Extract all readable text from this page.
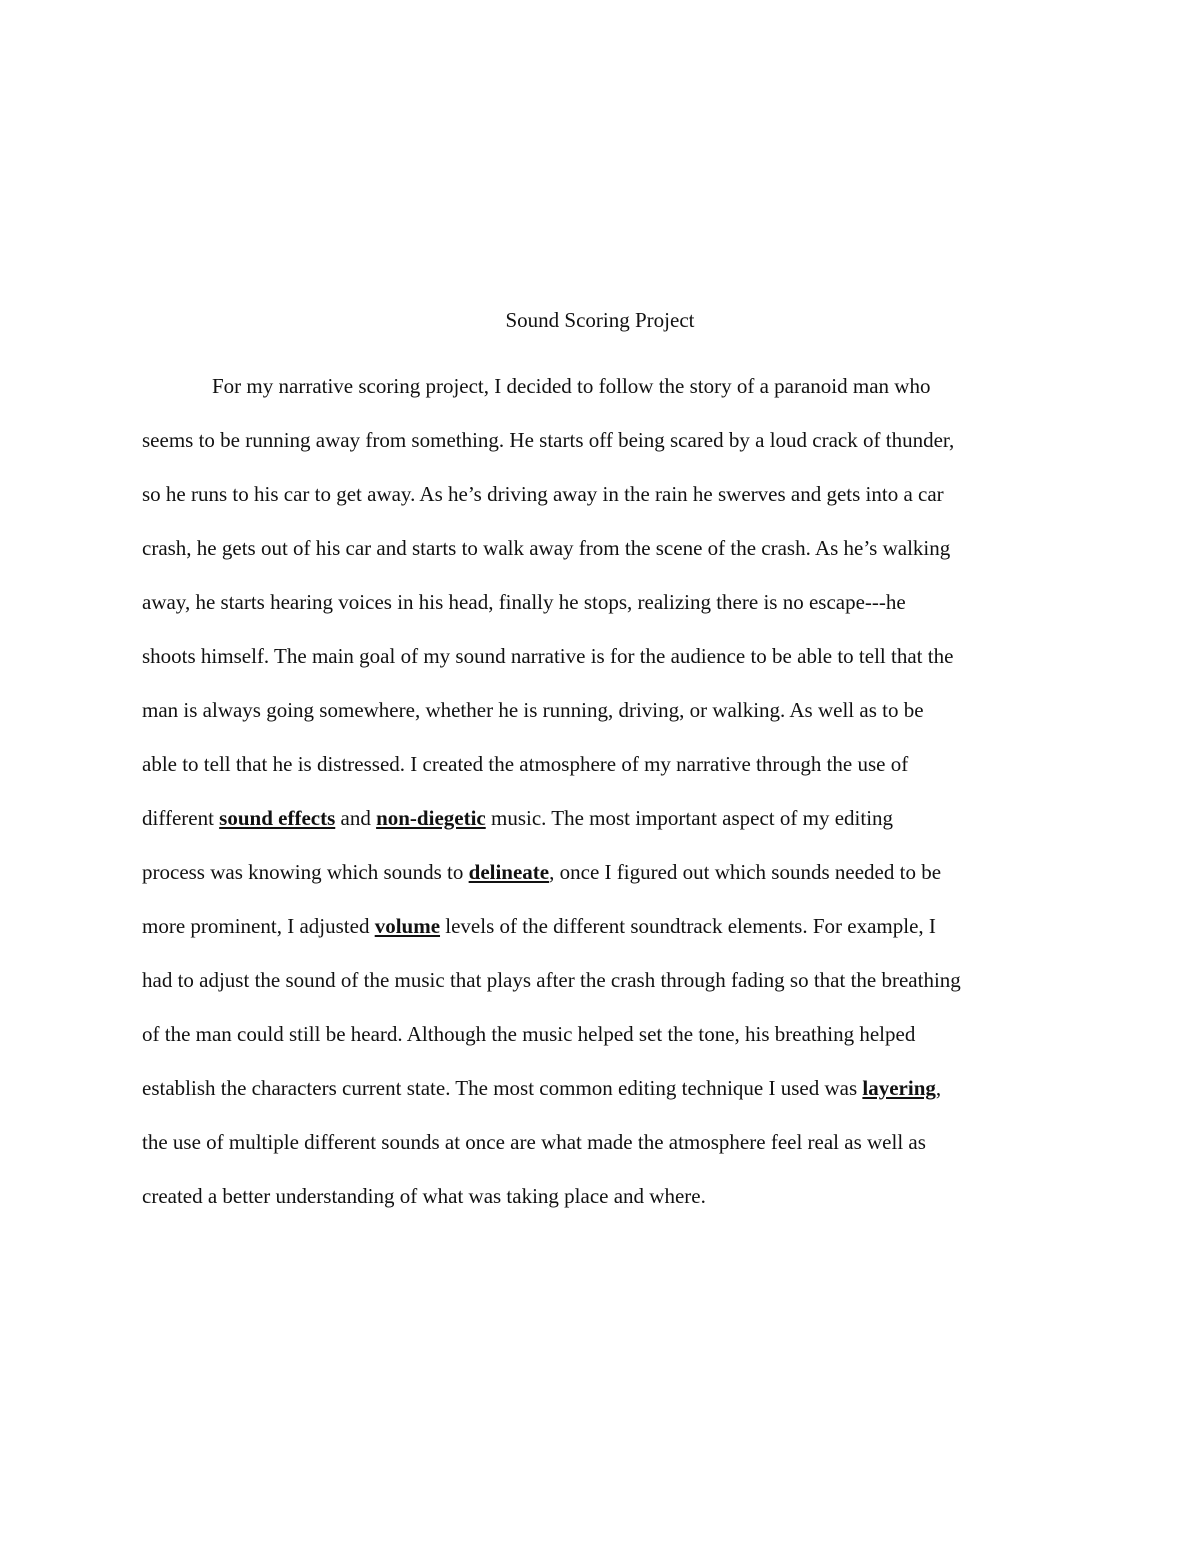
Sound Scoring Project
For my narrative scoring project, I decided to follow the story of a paranoid man who
seems to be running away from something. He starts off being scared by a loud crack of thunder,
so he runs to his car to get away. As he’s driving away in the rain he swerves and gets into a car
crash, he gets out of his car and starts to walk away from the scene of the crash. As he’s walking
away, he starts hearing voices in his head, finally he stops, realizing there is no escape---he
shoots himself. The main goal of my sound narrative is for the audience to be able to tell that the
man is always going somewhere, whether he is running, driving, or walking. As well as to be
able to tell that he is distressed. I created the atmosphere of my narrative through the use of
different sound effects and non-diegetic music. The most important aspect of my editing
process was knowing which sounds to delineate, once I figured out which sounds needed to be
more prominent, I adjusted volume levels of the different soundtrack elements. For example, I
had to adjust the sound of the music that plays after the crash through fading so that the breathing
of the man could still be heard. Although the music helped set the tone, his breathing helped
establish the characters current state. The most common editing technique I used was layering,
the use of multiple different sounds at once are what made the atmosphere feel real as well as
created a better understanding of what was taking place and where.
